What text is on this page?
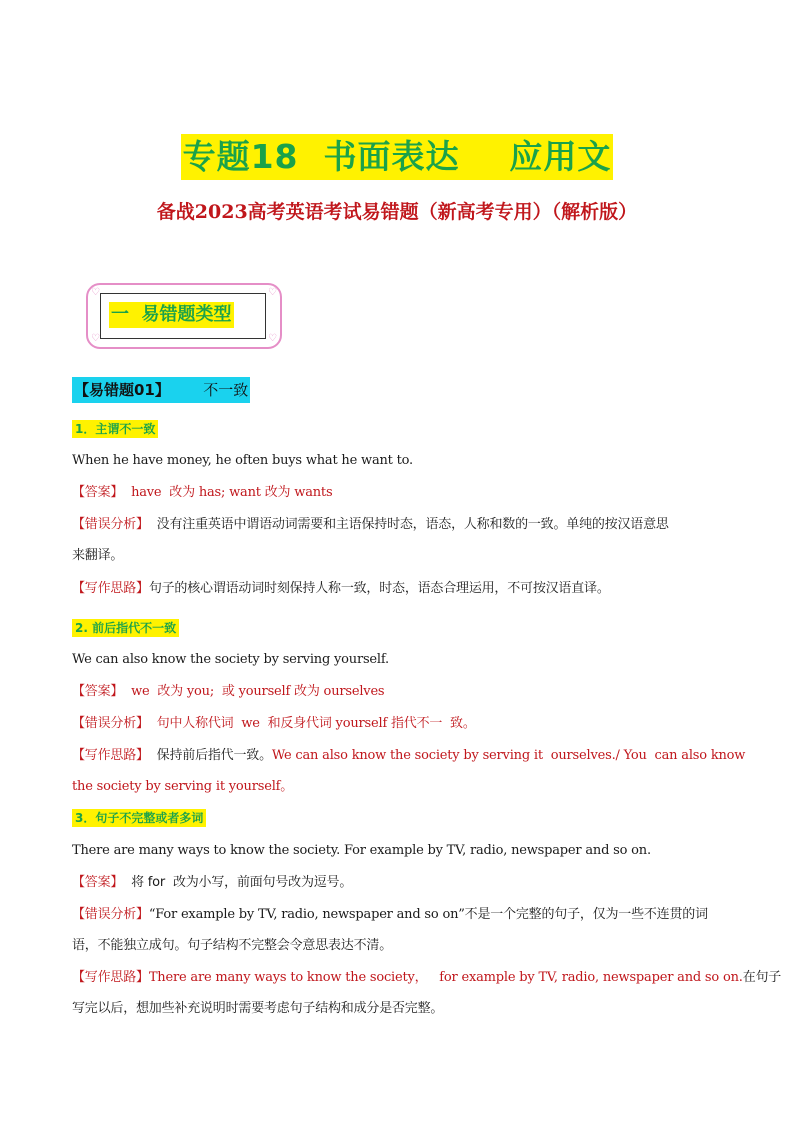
专题18  书面表达    应用文
备战2023高考英语考试易错题（新高考专用）（解析版）
♡
♡
♡
♡
一  易错题类型
【易错题01】       不一致
1．主谓不一致
When he have money, he often buys what he want to.
【答案】  have  改为 has; want 改为 wants
【错误分析】  没有注重英语中谓语动词需要和主语保持时态，语态，人称和数的一致。单纯的按汉语意思
来翻译。
【写作思路】句子的核心谓语动词时刻保持人称一致，时态，语态合理运用，不可按汉语直译。
2. 前后指代不一致
We can also know the society by serving yourself.
【答案】  we  改为 you;  或 yourself 改为 ourselves
【错误分析】  句中人称代词  we  和反身代词 yourself 指代不一  致。
【写作思路】  保持前后指代一致。We can also know the society by serving it  ourselves./ You  can also know
the society by serving it yourself。
3．句子不完整或者多词
There are many ways to know the society. For example by TV, radio, newspaper and so on.
【答案】  将 for  改为小写，前面句号改为逗号。
【错误分析】“For example by TV, radio, newspaper and so on”不是一个完整的句子，仅为一些不连贯的词
语，不能独立成句。句子结构不完整会令意思表达不清。
【写作思路】There are many ways to know the society，   for example by TV, radio, newspaper and so on.在句子
写完以后，想加些补充说明时需要考虑句子结构和成分是否完整。
